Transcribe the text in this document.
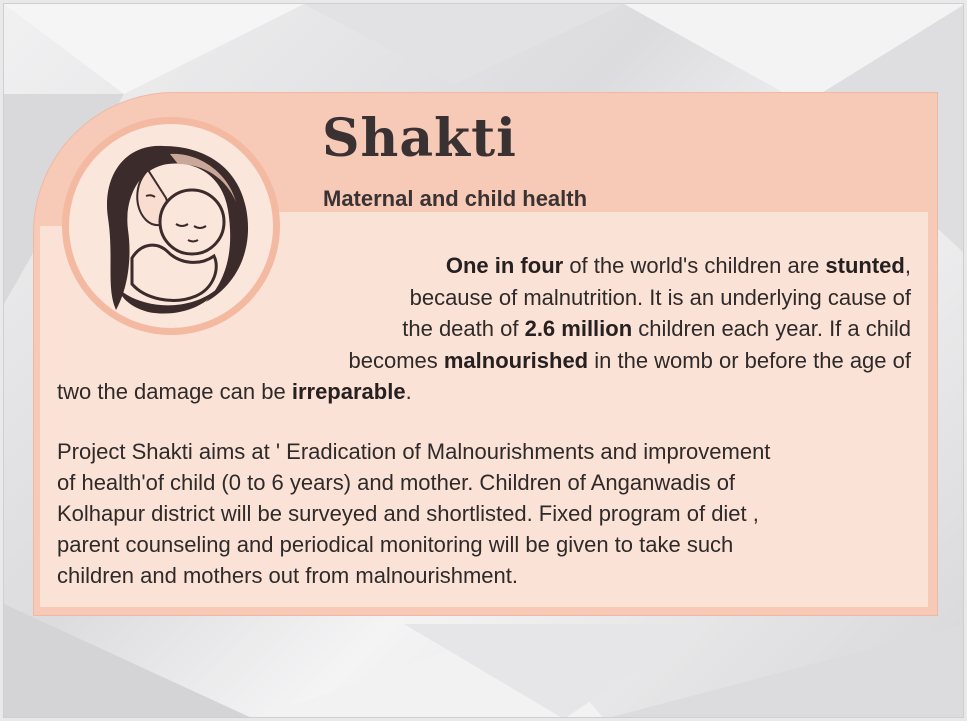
Shakti
Maternal and child health

One in four of the world's children are stunted,
because of malnutrition. It is an underlying cause of
the death of 2.6 million children each year. If a child
becomes malnourished in the womb or before the age of
two the damage can be irreparable.

Project Shakti aims at ' Eradication of Malnourishments and improvement
of health'of child (0 to 6 years) and mother. Children of Anganwadis of
Kolhapur district will be surveyed and shortlisted. Fixed program of diet ,
parent counseling and periodical monitoring will be given to take such
children and mothers out from malnourishment.
